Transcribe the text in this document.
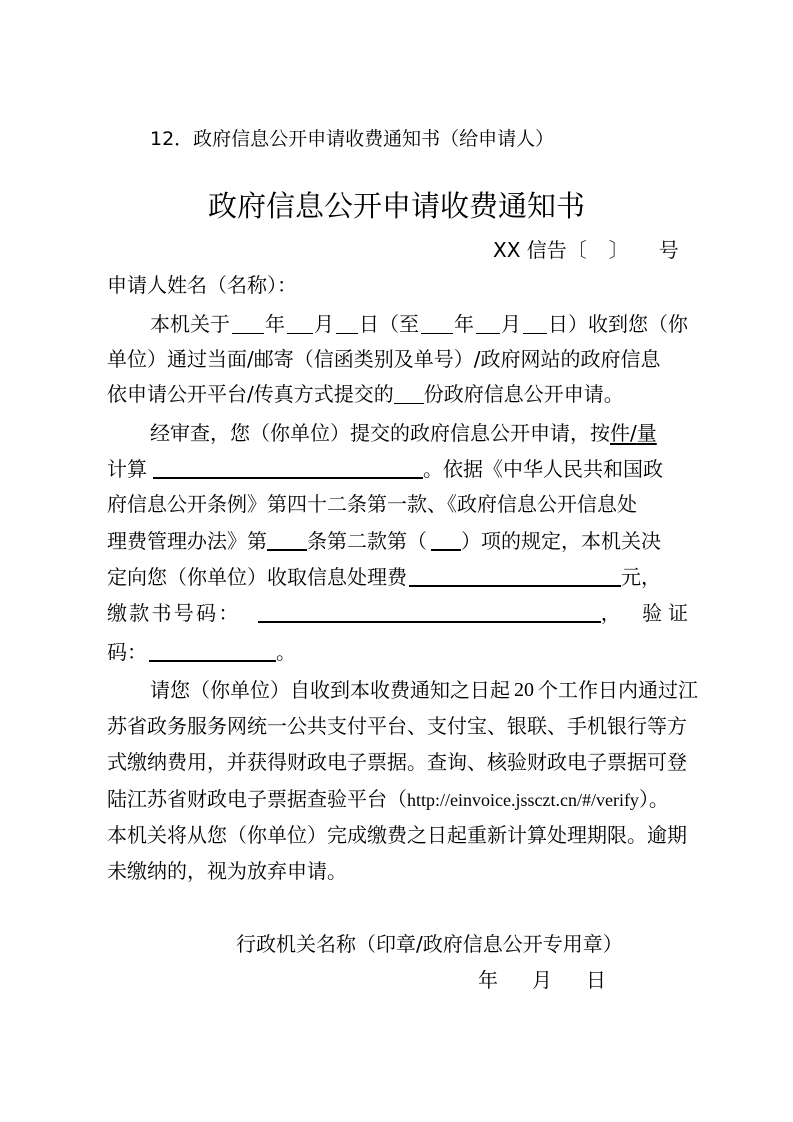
12．政府信息公开申请收费通知书（给申请人）
政府信息公开申请收费通知书
XX 信告〔 〕 号
申请人姓名（名称）：
本机关于 年 月 日（至 年 月 日）收到您（你
单位）通过当面/邮寄（信函类别及单号）/政府网站的政府信息
依申请公开平台/传真方式提交的 份政府信息公开申请。
经审查，您（你单位）提交的政府信息公开申请，按 件 / 量
计算	。依据《中华人民共和国政
府信息公开条例》第四十二条第一款、《政府信息公开信息处
理费管理办法》第 条第二款第（ ）项的规定，本机关决
定向您（你单位）收取信息处理费	元，
缴 款 书 号 码 ：	， 验 证
码：	。
请您（你单位）自收到本收费通知之日起 20 个工作日内通过江
苏省政务服务网统一公共支付平台、支付宝、银联、手机银行等方
式缴纳费用，并获得财政电子票据。查询、核验财政电子票据可登
陆江苏省财政电子票据查验平台（ http://einvoice.jssczt.cn/#/verify ）。
本机关将从您（你单位）完成缴费之日起重新计算处理期限。逾期
未缴纳的，视为放弃申请。
行政机关名称（印章/政府信息公开专用章）
年 月 日
